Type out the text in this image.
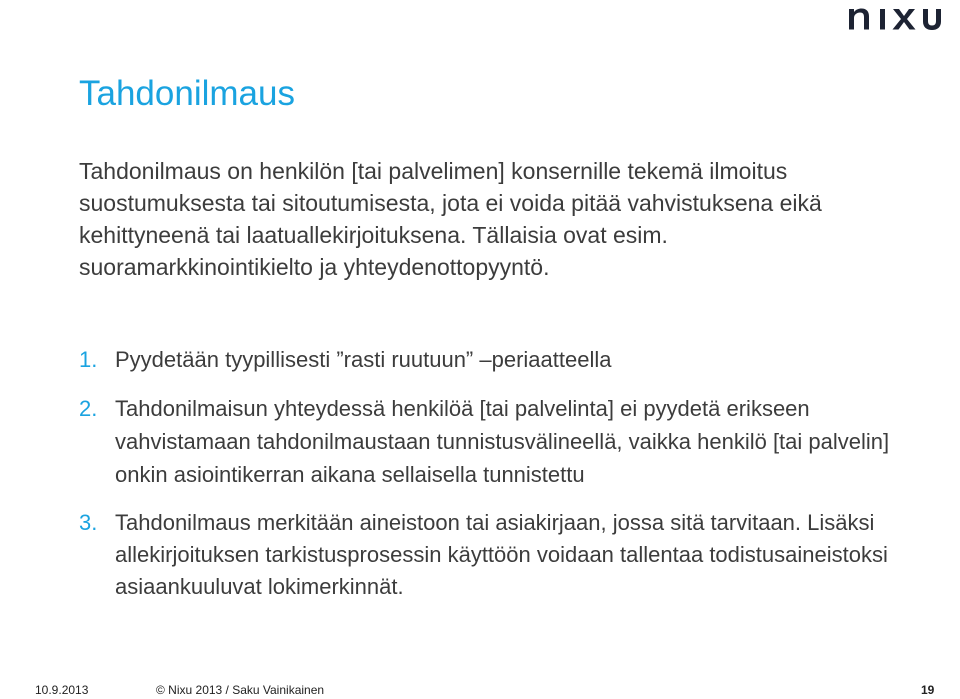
Tahdonilmaus

Tahdonilmaus on henkilön [tai palvelimen] konsernille tekemä ilmoitus suostumuksesta tai sitoutumisesta, jota ei voida pitää vahvistuksena eikä kehittyneenä tai laatuallekirjoituksena. Tällaisia ovat esim. suoramarkkinointikielto ja yhteydenottopyyntö.

1. Pyydetään tyypillisesti ”rasti ruutuun” –periaatteella
2. Tahdonilmaisun yhteydessä henkilöä [tai palvelinta] ei pyydetä erikseen vahvistamaan tahdonilmaustaan tunnistusvälineellä, vaikka henkilö [tai palvelin] onkin asiointikerran aikana sellaisella tunnistettu
3. Tahdonilmaus merkitään aineistoon tai asiakirjaan, jossa sitä tarvitaan. Lisäksi allekirjoituksen tarkistusprosessin käyttöön voidaan tallentaa todistusaineistoksi asiaankuuluvat lokimerkinnät.
10.9.2013	© Nixu 2013 / Saku Vainikainen	19
